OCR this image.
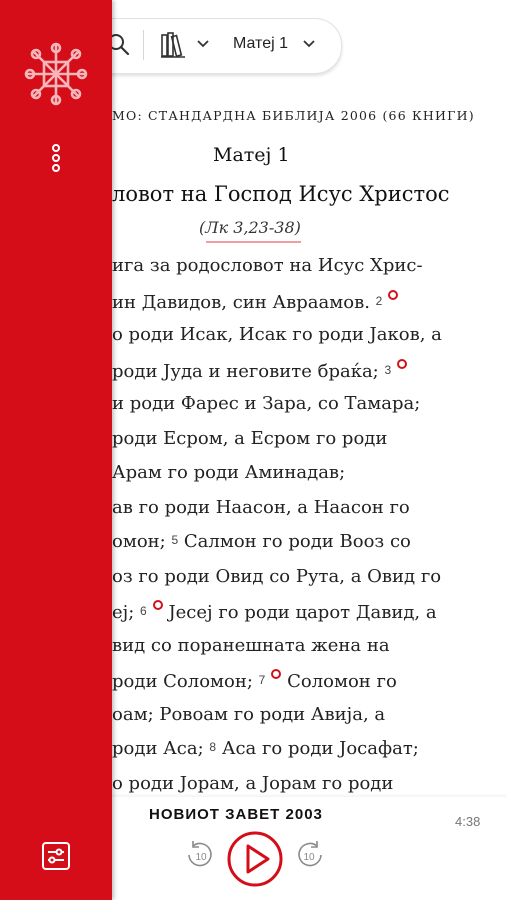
Матеј 1
МО: СТАНДАРДНА БИБЛИЈА 2006 (66 КНИГИ)
Матеј 1
ловот на Господ Исус Христос
(Лк 3,23-38)
ига за родословот на Исус Хрис-
ин Давидов, син Авраамов. 2
о роди Исак, Исак го роди Јаков, а
роди Јуда и неговите браќа; 3
и роди Фарес и Зара, со Тамара;
роди Есром, а Есром го роди
Арам го роди Аминадав;
ав го роди Наасон, а Наасон го
омон; 5 Салмон го роди Вооз со
оз го роди Овид со Рута, а Овид го
еј; 6 Јесеј го роди царот Давид, а
вид со поранешната жена на
роди Соломон; 7 Соломон го
оам; Ровоам го роди Авија, а
роди Аса; 8 Аса го роди Јосафат;
о роди Јорам, а Јорам го роди
НОВИОТ ЗАВЕТ 2003	4:38
10	10
